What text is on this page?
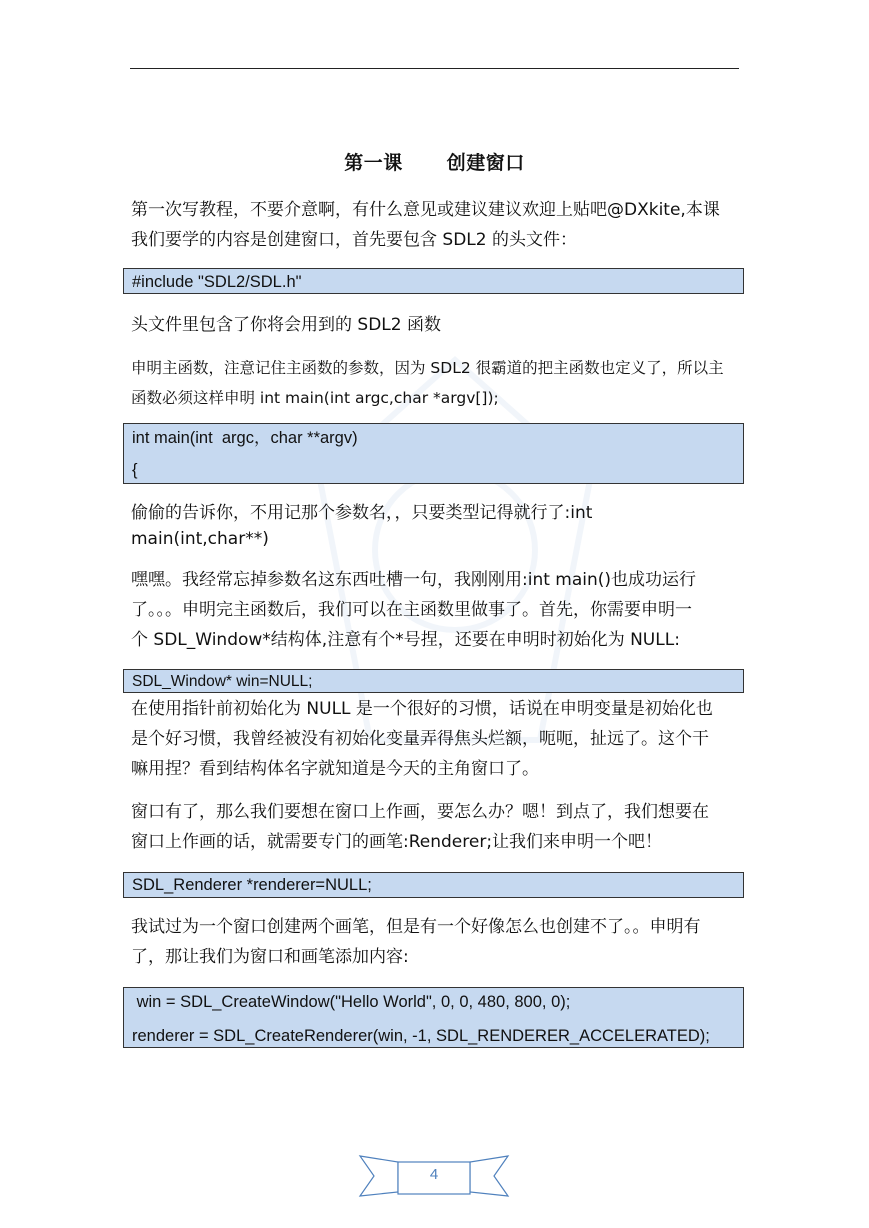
第一课 创建窗口
第一次写教程，不要介意啊，有什么意见或建议建议欢迎上贴吧@DXkite,本课
我们要学的内容是创建窗口，首先要包含 SDL2 的头文件：
#include "SDL2/SDL.h"
头文件里包含了你将会用到的 SDL2 函数
申明主函数，注意记住主函数的参数，因为 SDL2 很霸道的把主函数也定义了，所以主
函数必须这样申明 int main(int argc,char *argv[]);
int main(int  argc，char **argv)
{
偷偷的告诉你，不用记那个参数名，，只要类型记得就行了:int
main(int,char**)
嘿嘿。我经常忘掉参数名这东西吐槽一句，我刚刚用:int main()也成功运行
了。。。申明完主函数后，我们可以在主函数里做事了。首先，你需要申明一
个 SDL_Window*结构体,注意有个*号捏，还要在申明时初始化为 NULL:
SDL_Window* win=NULL;
在使用指针前初始化为 NULL 是一个很好的习惯，话说在申明变量是初始化也
是个好习惯，我曾经被没有初始化变量弄得焦头烂额，呃呃，扯远了。这个干
嘛用捏？看到结构体名字就知道是今天的主角窗口了。
窗口有了，那么我们要想在窗口上作画，要怎么办？嗯！到点了，我们想要在
窗口上作画的话，就需要专门的画笔:Renderer;让我们来申明一个吧！
SDL_Renderer *renderer=NULL;
我试过为一个窗口创建两个画笔，但是有一个好像怎么也创建不了。。申明有
了，那让我们为窗口和画笔添加内容:
win = SDL_CreateWindow("Hello World", 0, 0, 480, 800, 0);
renderer = SDL_CreateRenderer(win, -1, SDL_RENDERER_ACCELERATED);
4
